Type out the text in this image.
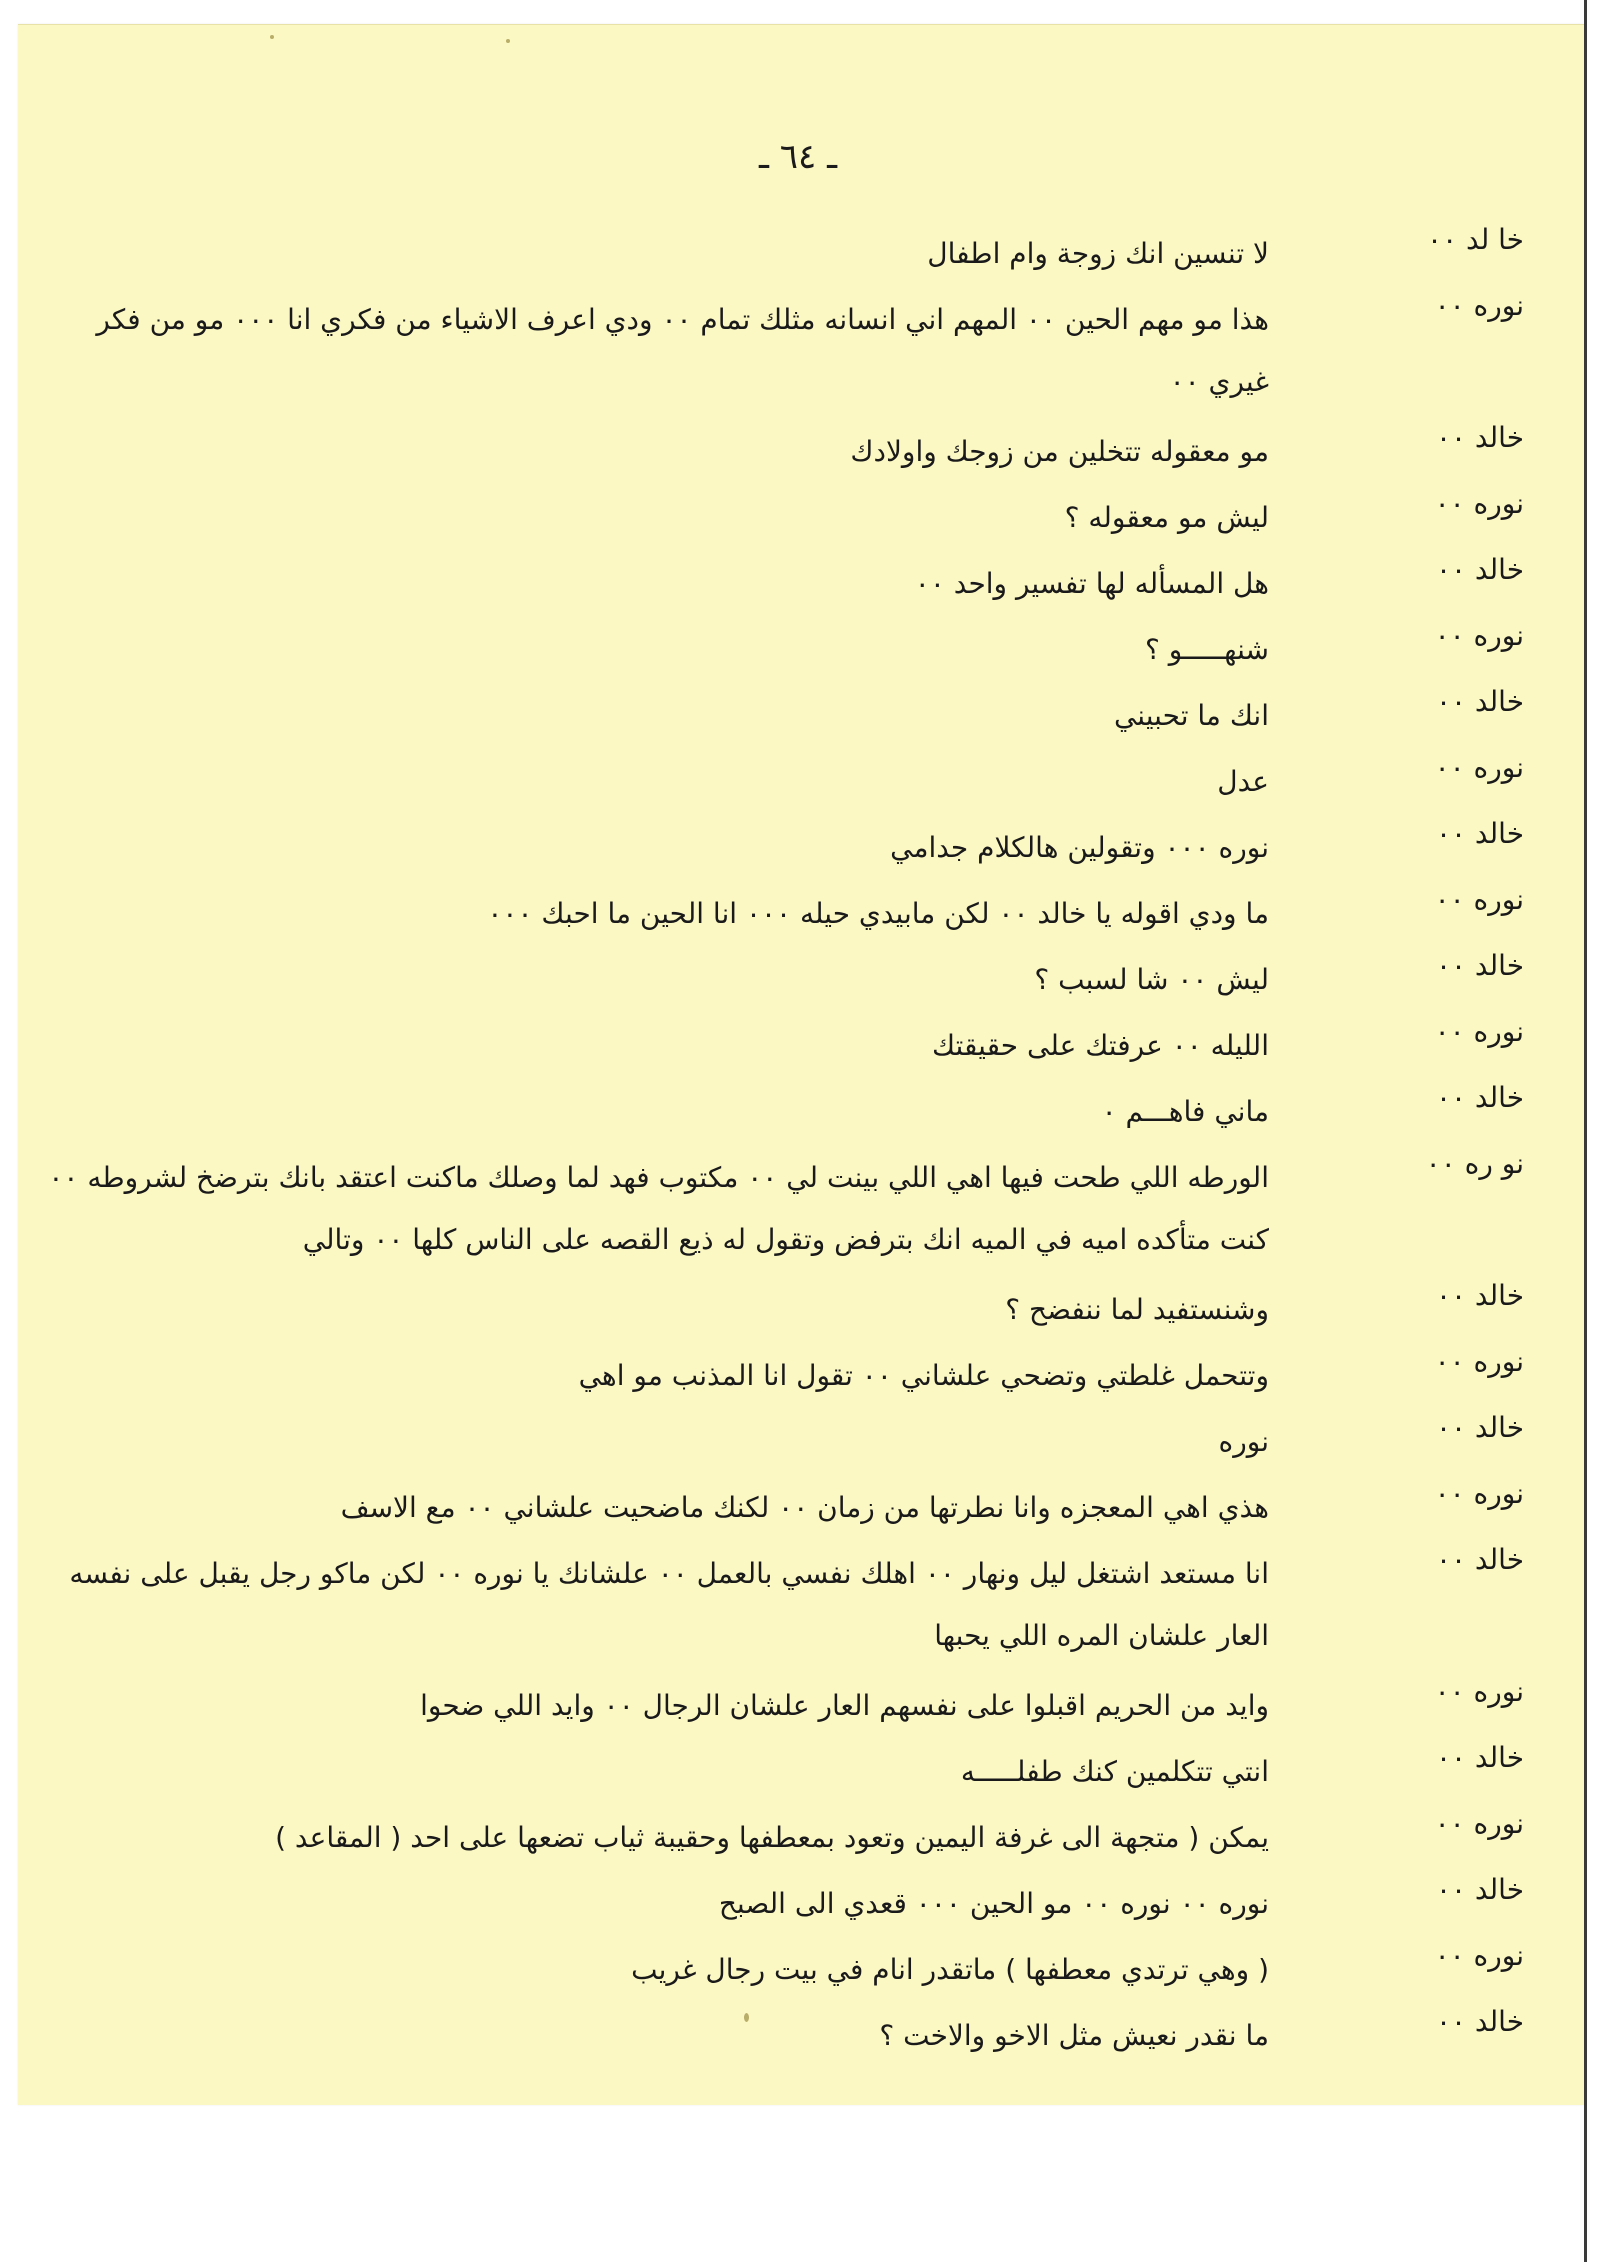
ـ ٦٤ ـ
خا لد ٠٠
لا تنسين انك زوجة وام اطفال
نوره ٠٠
هذا مو مهم الحين ٠٠ المهم اني انسانه مثلك تمام ٠٠ ودي اعرف الاشياء من فكري انا ٠٠٠ مو من فكر غيري ٠٠
خالد ٠٠
مو معقوله تتخلين من زوجك واولادك
نوره ٠٠
ليش مو معقوله ؟
خالد ٠٠
هل المسأله لها تفسير واحد ٠٠
نوره ٠٠
شنهـــــو ؟
خالد ٠٠
انك ما تحبيني
نوره ٠٠
عدل
خالد ٠٠
نوره ٠٠٠ وتقولين هالكلام جدامي
نوره ٠٠
ما ودي اقوله يا خالد ٠٠ لكن مابيدي حيله ٠٠٠ انا الحين ما احبك ٠٠٠
خالد ٠٠
ليش ٠٠ شا لسبب ؟
نوره ٠٠
الليله ٠٠ عرفتك على حقيقتك
خالد ٠٠
ماني فاهـــم ٠
نو ره ٠٠
الورطه اللي طحت فيها اهي اللي بينت لي ٠٠ مكتوب فهد لما وصلك ماكنت اعتقد بانك بترضخ لشروطه ٠٠ كنت متأكده اميه في الميه انك بترفض وتقول له ذيع القصه على الناس كلها ٠٠ وتالي
خالد ٠٠
وشنستفيد لما ننفضح ؟
نوره ٠٠
وتتحمل غلطتي وتضحي علشاني ٠٠ تقول انا المذنب مو اهي
خالد ٠٠
نوره
نوره ٠٠
هذي اهي المعجزه وانا نطرتها من زمان ٠٠ لكنك ماضحيت علشاني ٠٠ مع الاسف
خالد ٠٠
انا مستعد اشتغل ليل ونهار ٠٠ اهلك نفسي بالعمل ٠٠ علشانك يا نوره ٠٠ لكن ماكو رجل يقبل على نفسه العار علشان المره اللي يحبها
نوره ٠٠
وايد من الحريم اقبلوا على نفسهم العار علشان الرجال ٠٠ وايد اللي ضحوا
خالد ٠٠
انتي تتكلمين كنك طفلـــــه
نوره ٠٠
يمكن ( متجهة الى غرفة اليمين وتعود بمعطفها وحقيبة ثياب تضعها على احد ( المقاعد )
خالد ٠٠
نوره ٠٠ نوره ٠٠ مو الحين ٠٠٠ قعدي الى الصبح
نوره ٠٠
( وهي ترتدي معطفها ) ماتقدر انام في بيت رجال غريب
خالد ٠٠
ما نقدر نعيش مثل الاخو والاخت ؟
